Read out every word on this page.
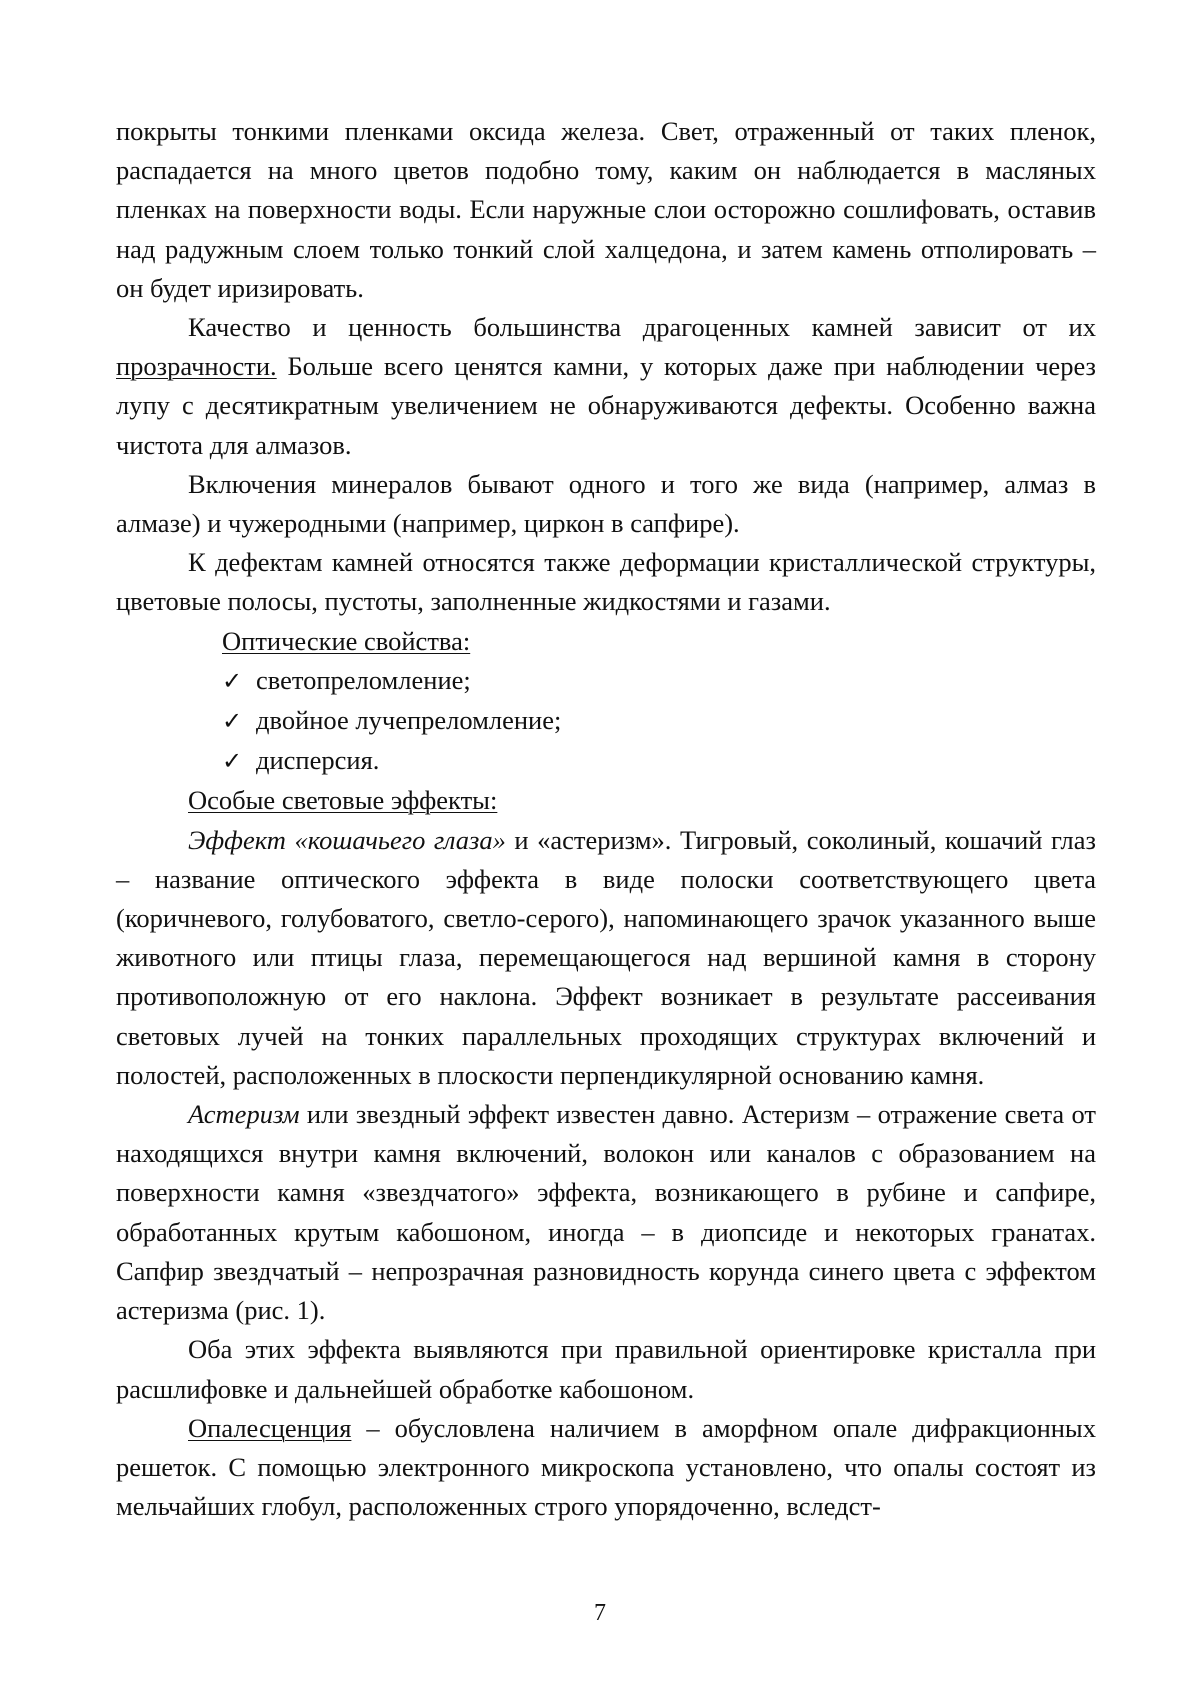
покрыты тонкими пленками оксида железа. Свет, отраженный от таких пленок, распадается на много цветов подобно тому, каким он наблюдается в масляных пленках на поверхности воды. Если наружные слои осторожно сошлифовать, оставив над радужным слоем только тонкий слой халцедона, и затем камень отполировать – он будет иризировать.

Качество и ценность большинства драгоценных камней зависит от их прозрачности. Больше всего ценятся камни, у которых даже при наблюдении через лупу с десятикратным увеличением не обнаруживаются дефекты. Особенно важна чистота для алмазов.

Включения минералов бывают одного и того же вида (например, алмаз в алмазе) и чужеродными (например, циркон в сапфире).

К дефектам камней относятся также деформации кристаллической структуры, цветовые полосы, пустоты, заполненные жидкостями и газами.

Оптические свойства:

✓ светопреломление;
✓ двойное лучепреломление;
✓ дисперсия.

Особые световые эффекты:

Эффект «кошачьего глаза» и «астеризм». Тигровый, соколиный, кошачий глаз – название оптического эффекта в виде полоски соответствующего цвета (коричневого, голубоватого, светло-серого), напоминающего зрачок указанного выше животного или птицы глаза, перемещающегося над вершиной камня в сторону противоположную от его наклона. Эффект возникает в результате рассеивания световых лучей на тонких параллельных проходящих структурах включений и полостей, расположенных в плоскости перпендикулярной основанию камня.

Астеризм или звездный эффект известен давно. Астеризм – отражение света от находящихся внутри камня включений, волокон или каналов с образованием на поверхности камня «звездчатого» эффекта, возникающего в рубине и сапфире, обработанных крутым кабошоном, иногда – в диопсиде и некоторых гранатах. Сапфир звездчатый – непрозрачная разновидность корунда синего цвета с эффектом астеризма (рис. 1).

Оба этих эффекта выявляются при правильной ориентировке кристалла при расшлифовке и дальнейшей обработке кабошоном.

Опалесценция – обусловлена наличием в аморфном опале дифракционных решеток. С помощью электронного микроскопа установлено, что опалы состоят из мельчайших глобул, расположенных строго упорядоченно, вследст-

7
